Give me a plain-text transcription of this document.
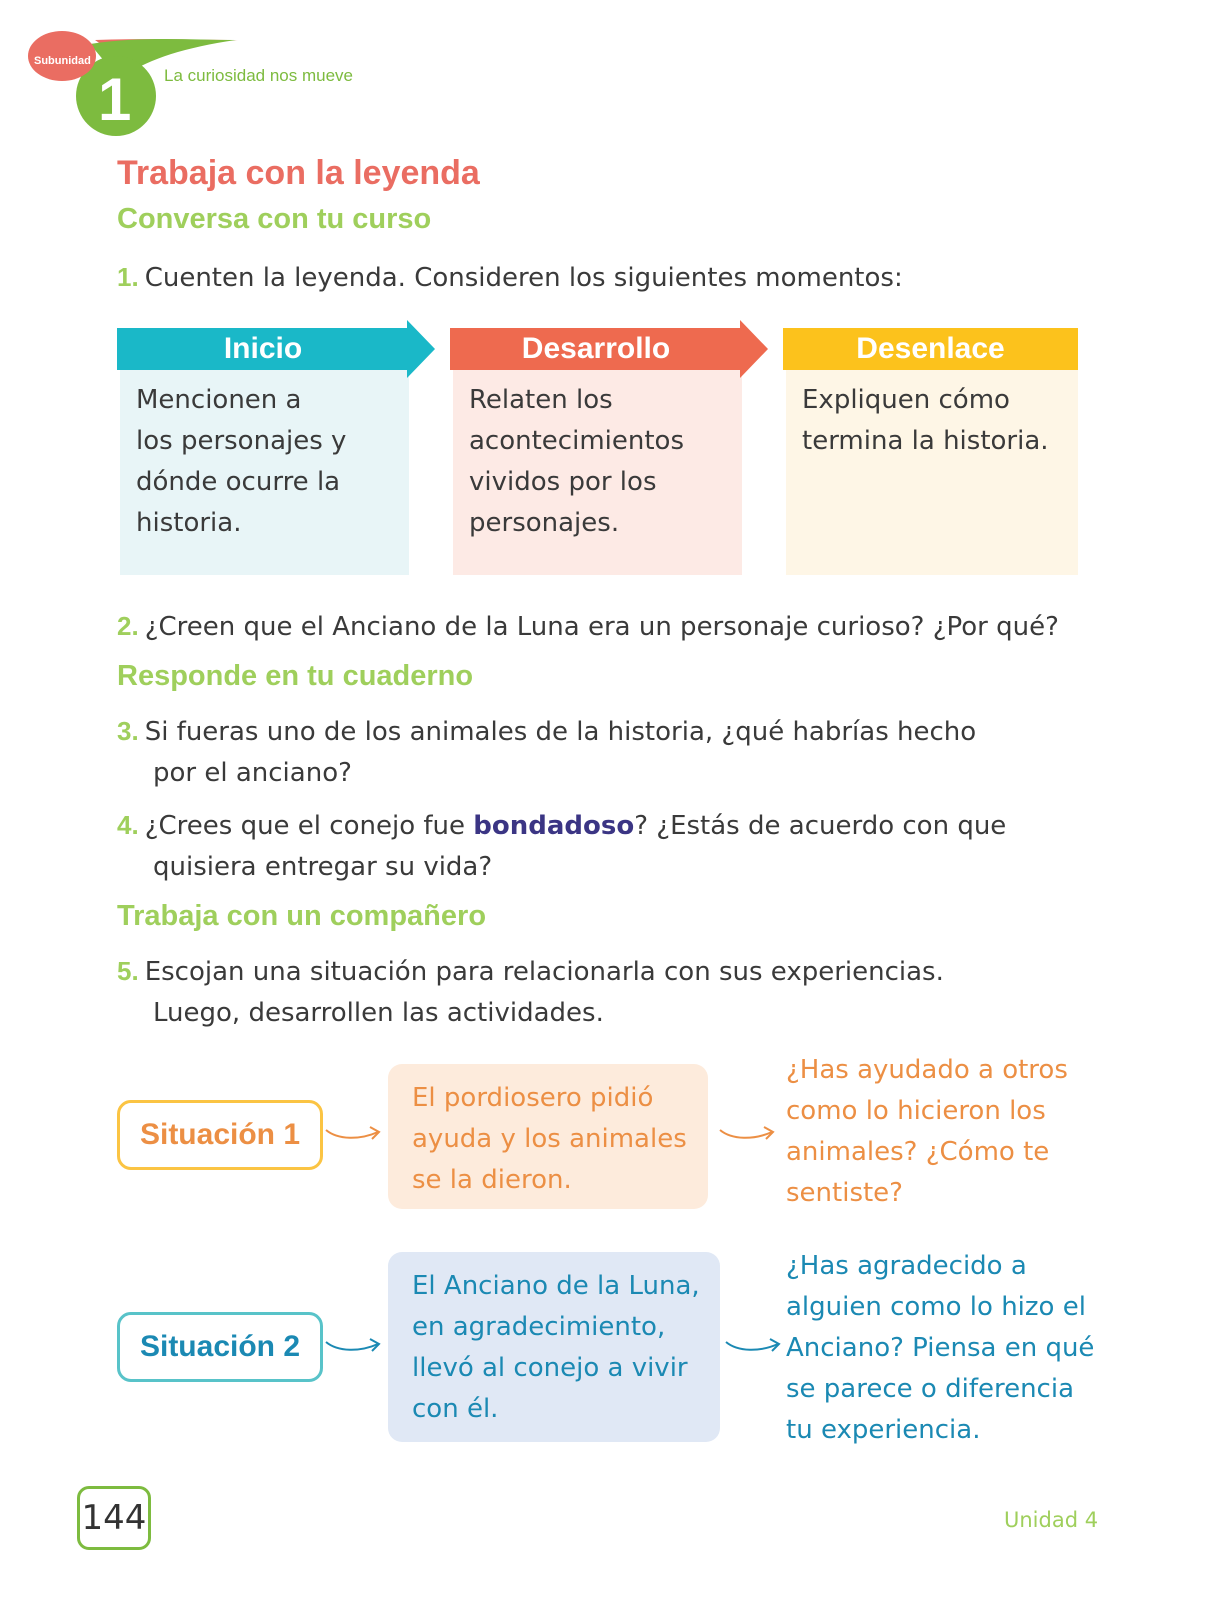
Subunidad
1 La curiosidad nos mueve
Trabaja con la leyenda
Conversa con tu curso
1. Cuenten la leyenda. Consideren los siguientes momentos:
Mencionen a
los personajes y
dónde ocurre la
historia.
Inicio
Relaten los
acontecimientos
vividos por los
personajes.
Desarrollo
Expliquen cómo
termina la historia.
Desenlace
2. ¿Creen que el Anciano de la Luna era un personaje curioso? ¿Por qué?
Responde en tu cuaderno
3. Si fueras uno de los animales de la historia, ¿qué habrías hecho
por el anciano?
4. ¿Crees que el conejo fue bondadoso? ¿Estás de acuerdo con que
quisiera entregar su vida?
Trabaja con un compañero
5. Escojan una situación para relacionarla con sus experiencias.
Luego, desarrollen las actividades.
Situación 1
El pordiosero pidió
ayuda y los animales
se la dieron.
¿Has ayudado a otros
como lo hicieron los
animales? ¿Cómo te
sentiste?
Situación 2
El Anciano de la Luna,
en agradecimiento,
llevó al conejo a vivir
con él.
¿Has agradecido a
alguien como lo hizo el
Anciano? Piensa en qué
se parece o diferencia
tu experiencia.
144	Unidad 4
